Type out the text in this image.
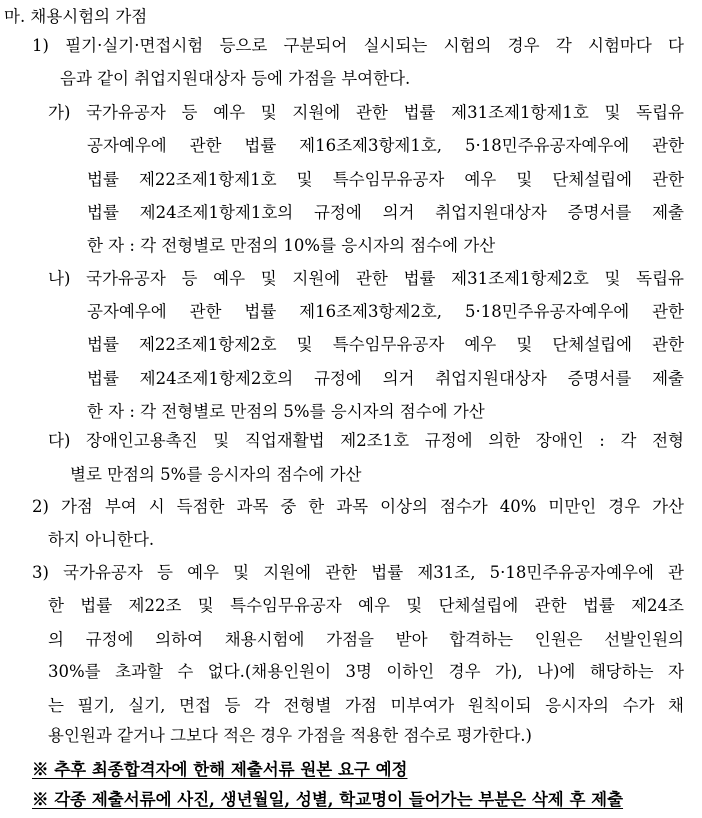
마. 채용시험의 가점
1) 필기·실기·면접시험 등으로 구분되어 실시되는 시험의 경우 각 시험마다 다
음과 같이 취업지원대상자 등에 가점을 부여한다.
가) 국가유공자 등 예우 및 지원에 관한 법률 제31조제1항제1호 및 독립유
공자예우에 관한 법률 제16조제3항제1호, 5·18민주유공자예우에 관한
법률 제22조제1항제1호 및 특수임무유공자 예우 및 단체설립에 관한
법률 제24조제1항제1호의 규정에 의거 취업지원대상자 증명서를 제출
한 자 : 각 전형별로 만점의 10%를 응시자의 점수에 가산
나) 국가유공자 등 예우 및 지원에 관한 법률 제31조제1항제2호 및 독립유
공자예우에 관한 법률 제16조제3항제2호, 5·18민주유공자예우에 관한
법률 제22조제1항제2호 및 특수임무유공자 예우 및 단체설립에 관한
법률 제24조제1항제2호의 규정에 의거 취업지원대상자 증명서를 제출
한 자 : 각 전형별로 만점의 5%를 응시자의 점수에 가산
다) 장애인고용촉진 및 직업재활법 제2조1호 규정에 의한 장애인 : 각 전형
별로 만점의 5%를 응시자의 점수에 가산
2) 가점 부여 시 득점한 과목 중 한 과목 이상의 점수가 40% 미만인 경우 가산
하지 아니한다.
3) 국가유공자 등 예우 및 지원에 관한 법률 제31조, 5·18민주유공자예우에 관
한 법률 제22조 및 특수임무유공자 예우 및 단체설립에 관한 법률 제24조
의 규정에 의하여 채용시험에 가점을 받아 합격하는 인원은 선발인원의
30%를 초과할 수 없다.(채용인원이 3명 이하인 경우 가), 나)에 해당하는 자
는 필기, 실기, 면접 등 각 전형별 가점 미부여가 원칙이되 응시자의 수가 채
용인원과 같거나 그보다 적은 경우 가점을 적용한 점수로 평가한다.)
※ 추후 최종합격자에 한해 제출서류 원본 요구 예정
※ 각종 제출서류에 사진, 생년월일, 성별, 학교명이 들어가는 부분은 삭제 후 제출
